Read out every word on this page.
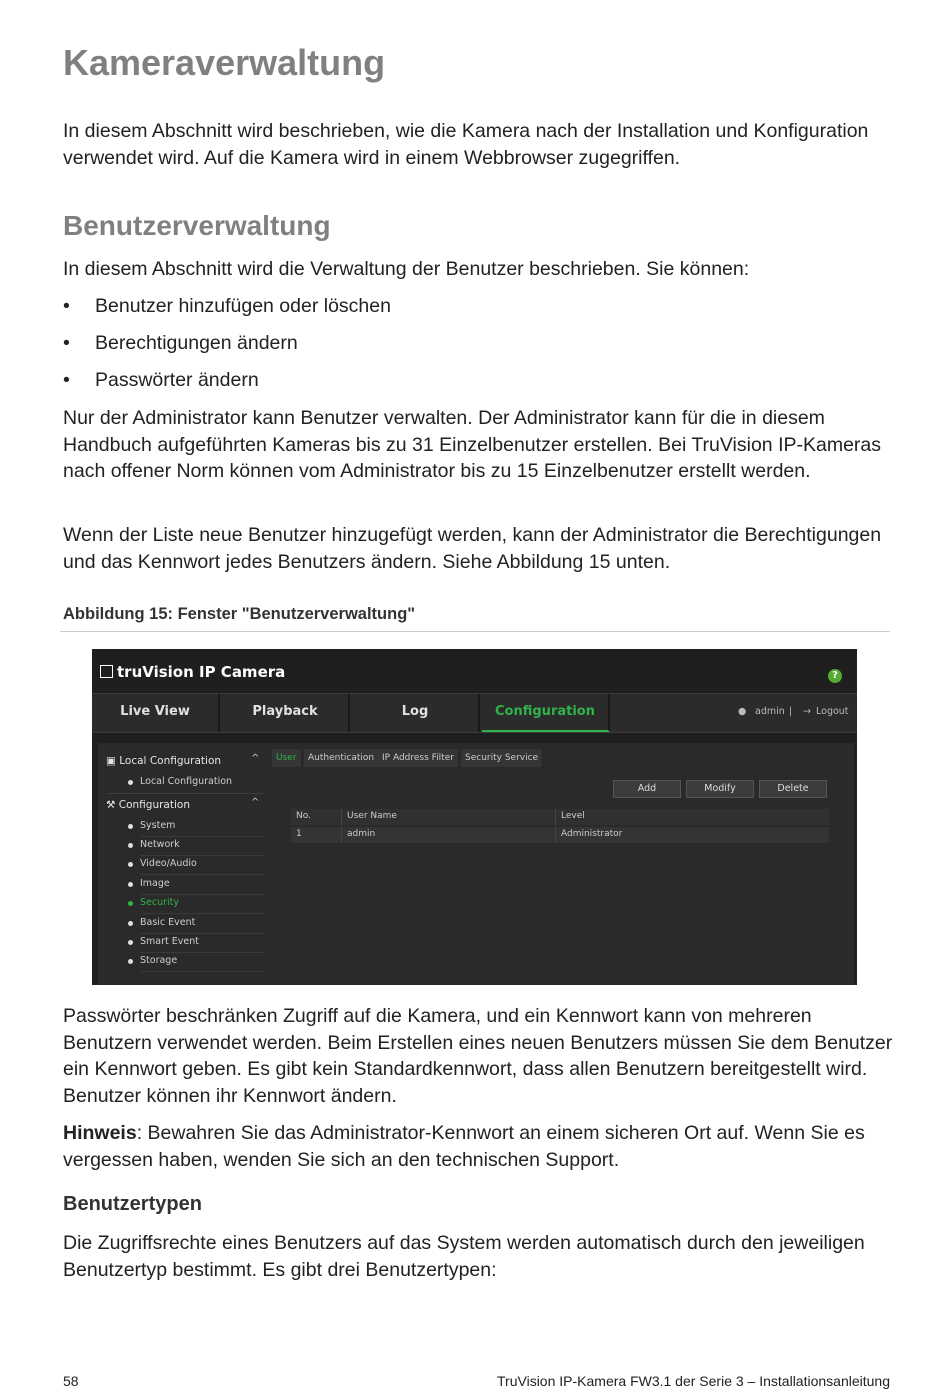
Kameraverwaltung

In diesem Abschnitt wird beschrieben, wie die Kamera nach der Installation und Konfiguration verwendet wird. Auf die Kamera wird in einem Webbrowser zugegriffen.

Benutzerverwaltung

In diesem Abschnitt wird die Verwaltung der Benutzer beschrieben. Sie können:

• Benutzer hinzufügen oder löschen
• Berechtigungen ändern
• Passwörter ändern

Nur der Administrator kann Benutzer verwalten. Der Administrator kann für die in diesem Handbuch aufgeführten Kameras bis zu 31 Einzelbenutzer erstellen. Bei TruVision IP-Kameras nach offener Norm können vom Administrator bis zu 15 Einzelbenutzer erstellt werden.

Wenn der Liste neue Benutzer hinzugefügt werden, kann der Administrator die Berechtigungen und das Kennwort jedes Benutzers ändern. Siehe Abbildung 15 unten.

Abbildung 15: Fenster "Benutzerverwaltung"
truVision IP Camera	?
Live View	Playback	Log	Configuration	● admin | → Logout
▣ Local Configuration	^
Local Configuration
⚒ Configuration	^
System
Network
Video/Audio
Image
Security
Basic Event
Smart Event
Storage
User	Authentication IP Address Filter	Security Service
Add	Modify	Delete
No.	User Name	Level
1	admin	Administrator

Passwörter beschränken Zugriff auf die Kamera, und ein Kennwort kann von mehreren Benutzern verwendet werden. Beim Erstellen eines neuen Benutzers müssen Sie dem Benutzer ein Kennwort geben. Es gibt kein Standardkennwort, dass allen Benutzern bereitgestellt wird. Benutzer können ihr Kennwort ändern.

Hinweis: Bewahren Sie das Administrator-Kennwort an einem sicheren Ort auf. Wenn Sie es vergessen haben, wenden Sie sich an den technischen Support.

Benutzertypen

Die Zugriffsrechte eines Benutzers auf das System werden automatisch durch den jeweiligen Benutzertyp bestimmt. Es gibt drei Benutzertypen:

58	TruVision IP-Kamera FW3.1 der Serie 3 – Installationsanleitung
